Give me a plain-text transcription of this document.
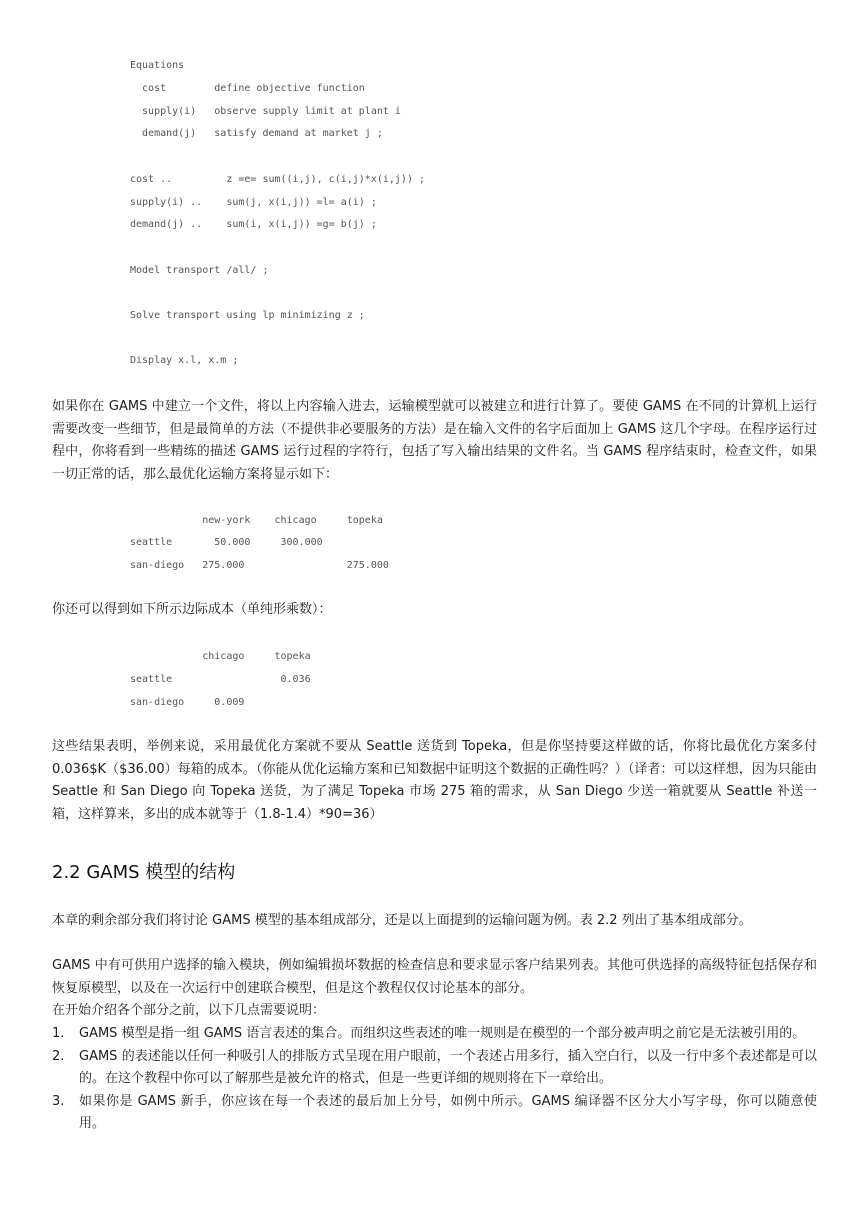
Equations
cost        define objective function
supply(i)   observe supply limit at plant i
demand(j)   satisfy demand at market j ;
cost ..         z =e= sum((i,j), c(i,j)*x(i,j)) ;
supply(i) ..    sum(j, x(i,j)) =l= a(i) ;
demand(j) ..    sum(i, x(i,j)) =g= b(j) ;
Model transport /all/ ;
Solve transport using lp minimizing z ;
Display x.l, x.m ;
如果你在 GAMS 中建立一个文件，将以上内容输入进去，运输模型就可以被建立和进行计算了。要使 GAMS 在不同的计算机上运行需要改变一些细节，但是最简单的方法（不提供非必要服务的方法）是在输入文件的名字后面加上 GAMS 这几个字母。在程序运行过程中，你将看到一些精练的描述 GAMS 运行过程的字符行，包括了写入输出结果的文件名。当 GAMS 程序结束时，检查文件，如果一切正常的话，那么最优化运输方案将显示如下：
new-york    chicago     topeka
seattle       50.000     300.000
san-diego   275.000                 275.000
你还可以得到如下所示边际成本（单纯形乘数）：
chicago     topeka
seattle                  0.036
san-diego     0.009
这些结果表明，举例来说，采用最优化方案就不要从 Seattle 送货到 Topeka，但是你坚持要这样做的话，你将比最优化方案多付 0.036$K（$36.00）每箱的成本。（你能从优化运输方案和已知数据中证明这个数据的正确性吗？）（译者：可以这样想，因为只能由 Seattle 和 San Diego 向 Topeka 送货，为了满足 Topeka 市场 275 箱的需求，从 San Diego 少送一箱就要从 Seattle 补送一箱，这样算来，多出的成本就等于（1.8-1.4）*90=36）
2.2 GAMS 模型的结构
本章的剩余部分我们将讨论 GAMS 模型的基本组成部分，还是以上面提到的运输问题为例。表 2.2 列出了基本组成部分。
GAMS 中有可供用户选择的输入模块，例如编辑损坏数据的检查信息和要求显示客户结果列表。其他可供选择的高级特征包括保存和恢复原模型，以及在一次运行中创建联合模型，但是这个教程仅仅讨论基本的部分。
在开始介绍各个部分之前，以下几点需要说明：
1. GAMS 模型是指一组 GAMS 语言表述的集合。而组织这些表述的唯一规则是在模型的一个部分被声明之前它是无法被引用的。
2. GAMS 的表述能以任何一种吸引人的排版方式呈现在用户眼前，一个表述占用多行，插入空白行，以及一行中多个表述都是可以的。在这个教程中你可以了解那些是被允许的格式，但是一些更详细的规则将在下一章给出。
3. 如果你是 GAMS 新手，你应该在每一个表述的最后加上分号，如例中所示。GAMS 编译器不区分大小写字母，你可以随意使用。
